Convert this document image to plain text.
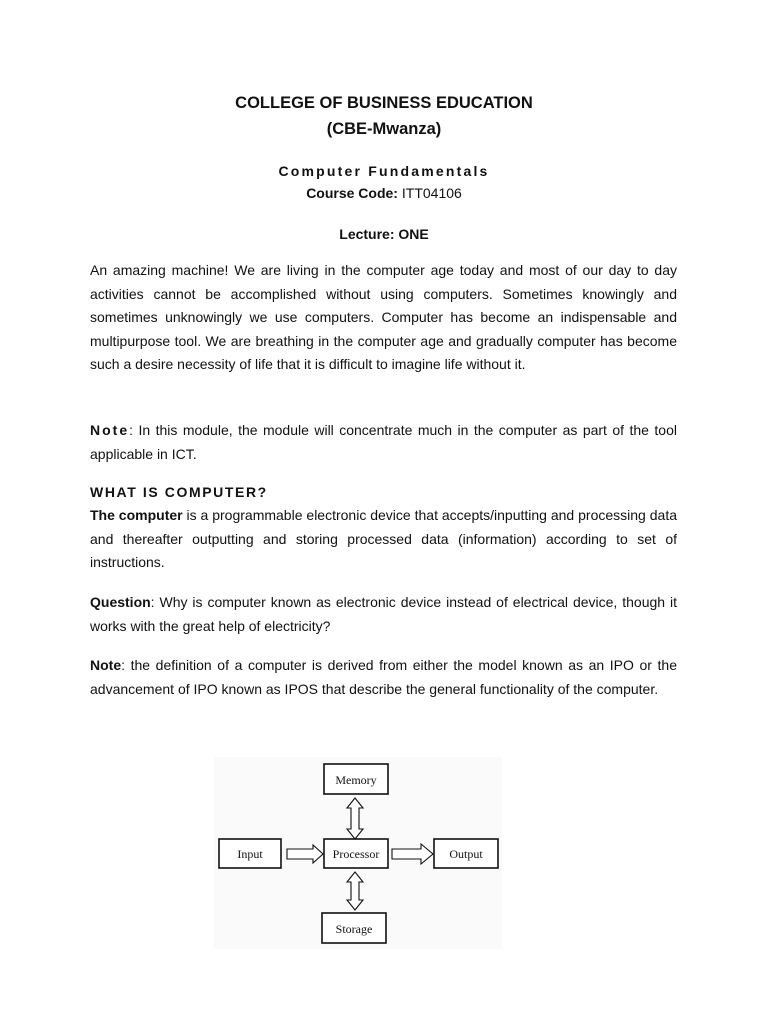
COLLEGE OF BUSINESS EDUCATION
(CBE-Mwanza)
Computer Fundamentals
Course Code: ITT04106
Lecture: ONE

An amazing machine! We are living in the computer age today and most of our day to day activities cannot be accomplished without using computers. Sometimes knowingly and sometimes unknowingly we use computers. Computer has become an indispensable and multipurpose tool. We are breathing in the computer age and gradually computer has become such a desire necessity of life that it is difficult to imagine life without it.

Note: In this module, the module will concentrate much in the computer as part of the tool applicable in ICT.

WHAT IS COMPUTER?

The computer is a programmable electronic device that accepts/inputting and processing data and thereafter outputting and storing processed data (information) according to set of instructions.

Question: Why is computer known as electronic device instead of electrical device, though it works with the great help of electricity?

Note: the definition of a computer is derived from either the model known as an IPO or the advancement of IPO known as IPOS that describe the general functionality of the computer.

Memory
Input	Processor	Output
Storage
